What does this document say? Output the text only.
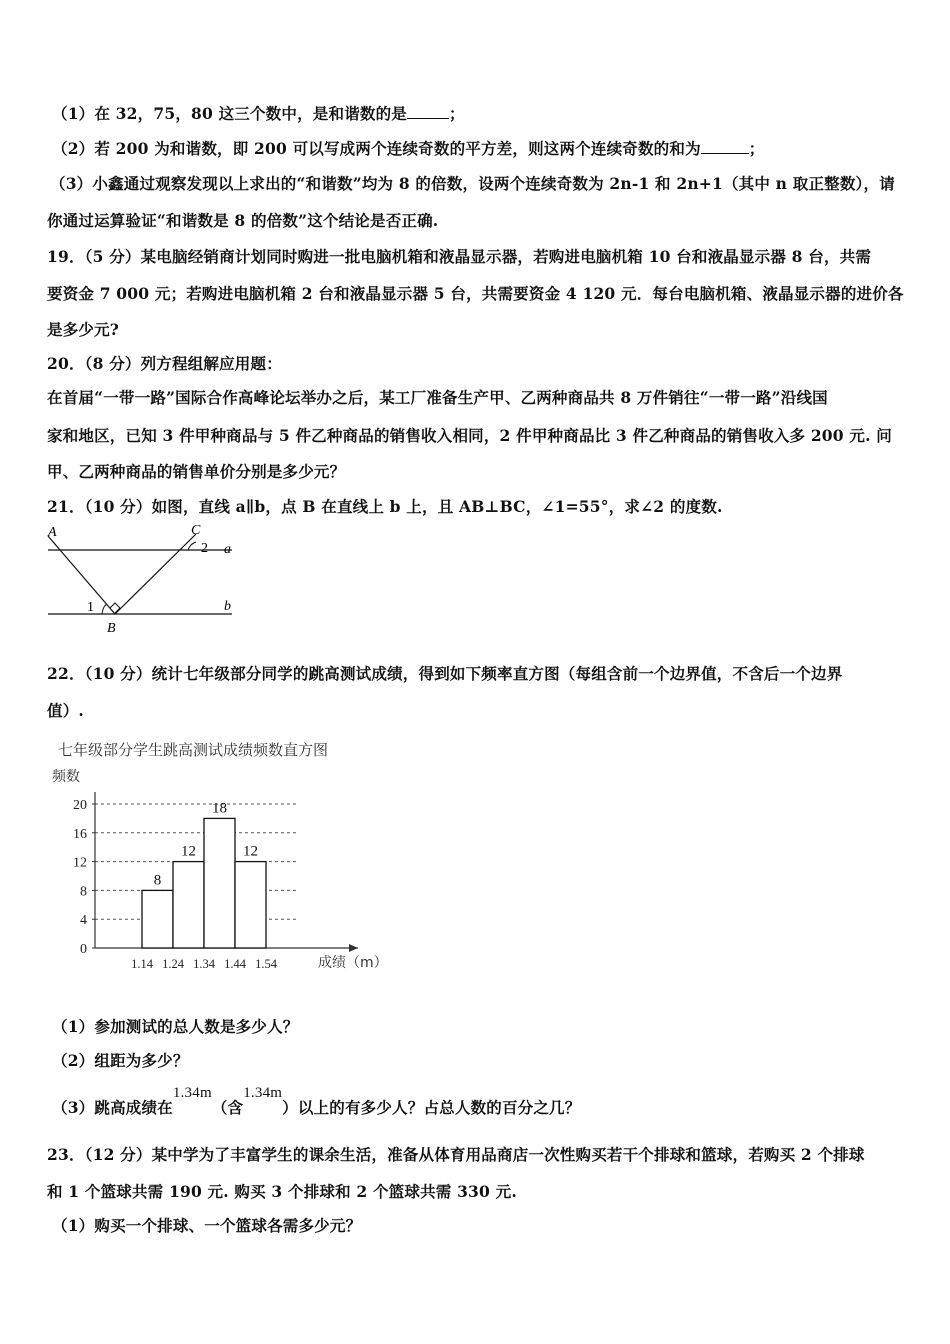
（1）在 32，75，80 这三个数中，是和谐数的是	；
（2）若 200 为和谐数，即 200 可以写成两个连续奇数的平方差，则这两个连续奇数的和为	；
（3）小鑫通过观察发现以上求出的“和谐数”均为 8 的倍数，设两个连续奇数为 2n-1 和 2n+1（其中 n 取正整数），请
你通过运算验证“和谐数是 8 的倍数”这个结论是否正确.
19．（5 分）某电脑经销商计划同时购进一批电脑机箱和液晶显示器，若购进电脑机箱 10 台和液晶显示器 8 台，共需
要资金 7 000 元；若购进电脑机箱 2 台和液晶显示器 5 台，共需要资金 4 120 元．每台电脑机箱、液晶显示器的进价各
是多少元?
20．（8 分）列方程组解应用题：
在首届“一带一路”国际合作高峰论坛举办之后，某工厂准备生产甲、乙两种商品共 8 万件销往“一带一路”沿线国
家和地区，已知 3 件甲种商品与 5 件乙种商品的销售收入相同，2 件甲种商品比 3 件乙种商品的销售收入多 200 元. 问
甲、乙两种商品的销售单价分别是多少元？
21．（10 分）如图，直线 a∥b，点 B 在直线上 b 上，且 AB⊥BC，∠1=55°，求∠2 的度数.
A	C
2 a
1
B
b
22．（10 分）统计七年级部分同学的跳高测试成绩，得到如下频率直方图（每组含前一个边界值，不含后一个边界
值）.
七年级部分学生跳高测试成绩频数直方图
频数
成绩（m）
0
4
8
12
16
20
8
12
18
12
1.14 1.24 1.34 1.44 1.54
（1）参加测试的总人数是多少人？
（2）组距为多少？
（3）跳高成绩在1.34m（含1.34m）以上的有多少人？占总人数的百分之几？
23．（12 分）某中学为了丰富学生的课余生活，准备从体育用品商店一次性购买若干个排球和篮球，若购买 2 个排球
和 1 个篮球共需 190 元. 购买 3 个排球和 2 个篮球共需 330 元.
（1）购买一个排球、一个篮球各需多少元？
